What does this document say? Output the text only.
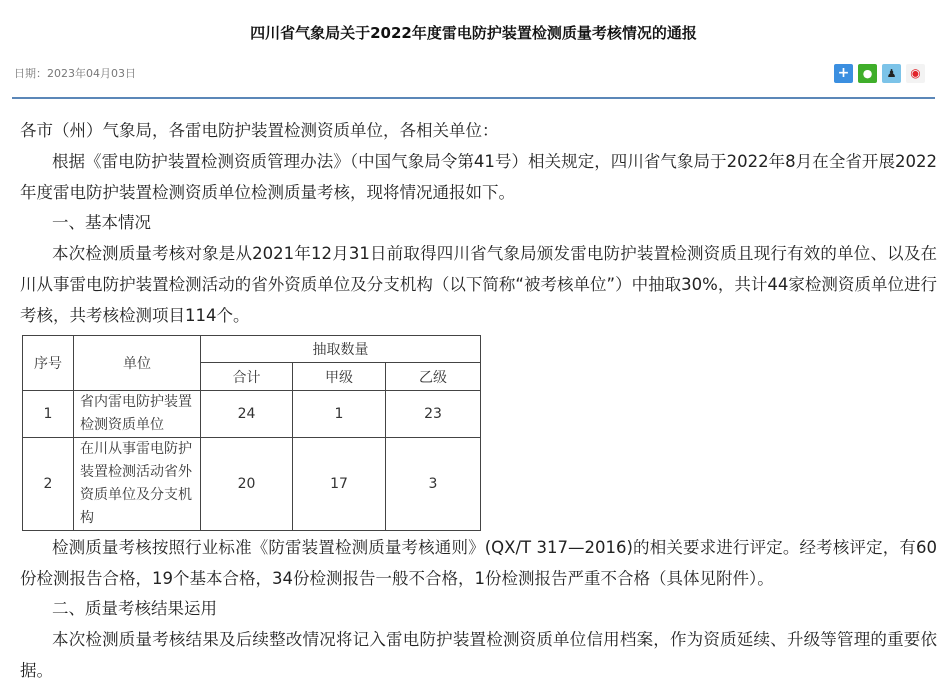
四川省气象局关于2022年度雷电防护装置检测质量考核情况的通报
日期：2023年04月03日	+	●	♟	◉
各市（州）气象局，各雷电防护装置检测资质单位，各相关单位：
根据《雷电防护装置检测资质管理办法》（中国气象局令第41号）相关规定，四川省气象局于2022年8月在全省开展2022年度雷电防护装置检测资质单位检测质量考核，现将情况通报如下。
一、基本情况
本次检测质量考核对象是从2021年12月31日前取得四川省气象局颁发雷电防护装置检测资质且现行有效的单位、以及在川从事雷电防护装置检测活动的省外资质单位及分支机构（以下简称“被考核单位”）中抽取30%，共计44家检测资质单位进行考核，共考核检测项目114个。
序号	单位	抽取数量		
		合计	甲级	乙级
1	省内雷电防护装置检测资质单位	24	1	23
2	在川从事雷电防护装置检测活动省外资质单位及分支机构	20	17	3
检测质量考核按照行业标准《防雷装置检测质量考核通则》(QX/T 317—2016)的相关要求进行评定。经考核评定，有60份检测报告合格，19个基本合格，34份检测报告一般不合格，1份检测报告严重不合格（具体见附件）。
二、质量考核结果运用
本次检测质量考核结果及后续整改情况将记入雷电防护装置检测资质单位信用档案，作为资质延续、升级等管理的重要依据。
